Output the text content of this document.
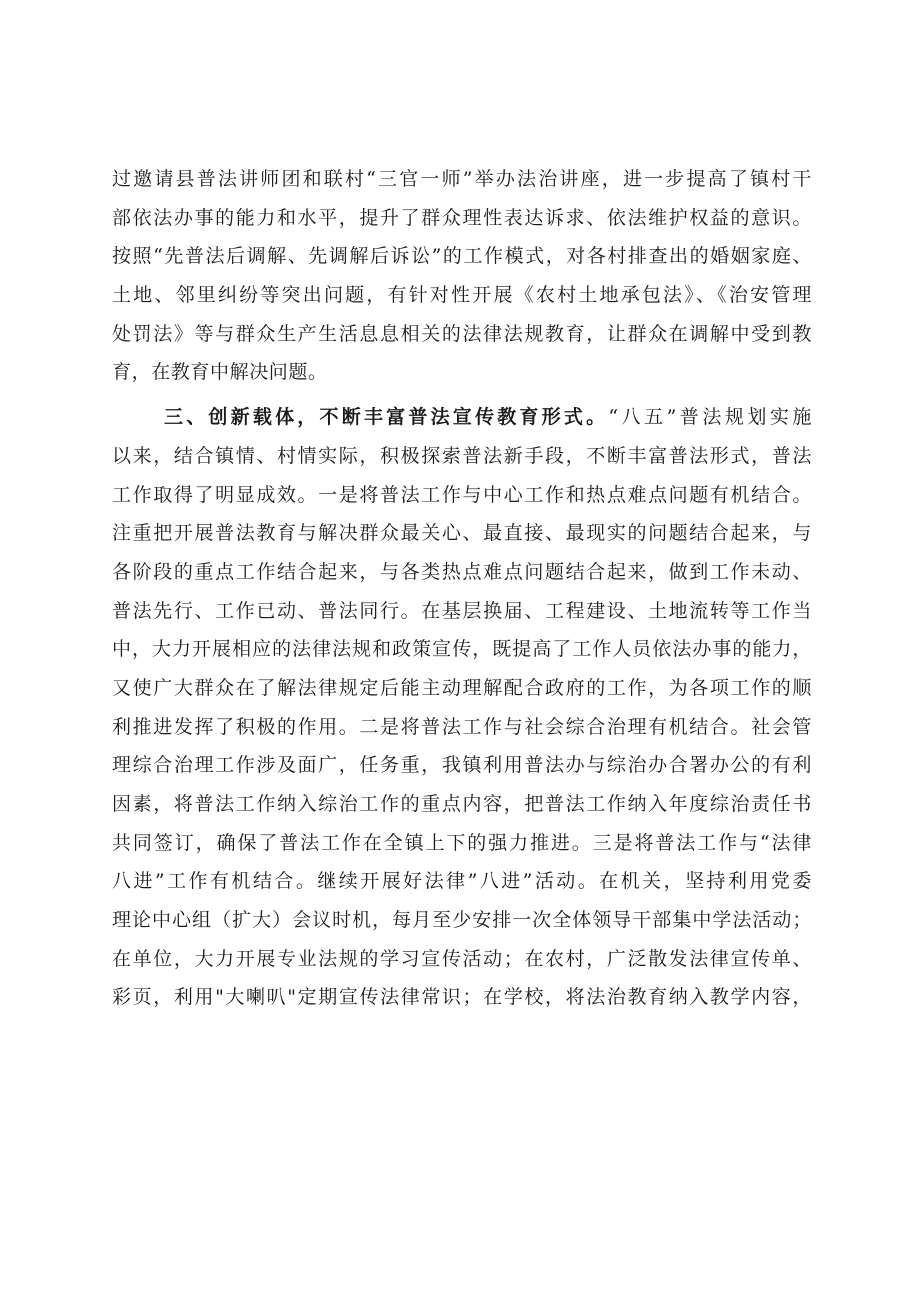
过邀请县普法讲师团和联村“三官一师”举办法治讲座，进一步提高了镇村干
部依法办事的能力和水平，提升了群众理性表达诉求、依法维护权益的意识。
按照“先普法后调解、先调解后诉讼”的工作模式，对各村排查出的婚姻家庭、
土地、邻里纠纷等突出问题，有针对性开展《农村土地承包法》、《治安管理
处罚法》等与群众生产生活息息相关的法律法规教育，让群众在调解中受到教
育，在教育中解决问题。
三、创新载体，不断丰富普法宣传教育形式。“八五”普法规划实施
以来，结合镇情、村情实际，积极探索普法新手段，不断丰富普法形式，普法
工作取得了明显成效。一是将普法工作与中心工作和热点难点问题有机结合。
注重把开展普法教育与解决群众最关心、最直接、最现实的问题结合起来，与
各阶段的重点工作结合起来，与各类热点难点问题结合起来，做到工作未动、
普法先行、工作已动、普法同行。在基层换届、工程建设、土地流转等工作当
中，大力开展相应的法律法规和政策宣传，既提高了工作人员依法办事的能力，
又使广大群众在了解法律规定后能主动理解配合政府的工作，为各项工作的顺
利推进发挥了积极的作用。二是将普法工作与社会综合治理有机结合。社会管
理综合治理工作涉及面广，任务重，我镇利用普法办与综治办合署办公的有利
因素，将普法工作纳入综治工作的重点内容，把普法工作纳入年度综治责任书
共同签订，确保了普法工作在全镇上下的强力推进。三是将普法工作与“法律
八进”工作有机结合。继续开展好法律”八进”活动。在机关，坚持利用党委
理论中心组（扩大）会议时机，每月至少安排一次全体领导干部集中学法活动；
在单位，大力开展专业法规的学习宣传活动；在农村，广泛散发法律宣传单、
彩页，利用"大喇叭"定期宣传法律常识；在学校，将法治教育纳入教学内容，
